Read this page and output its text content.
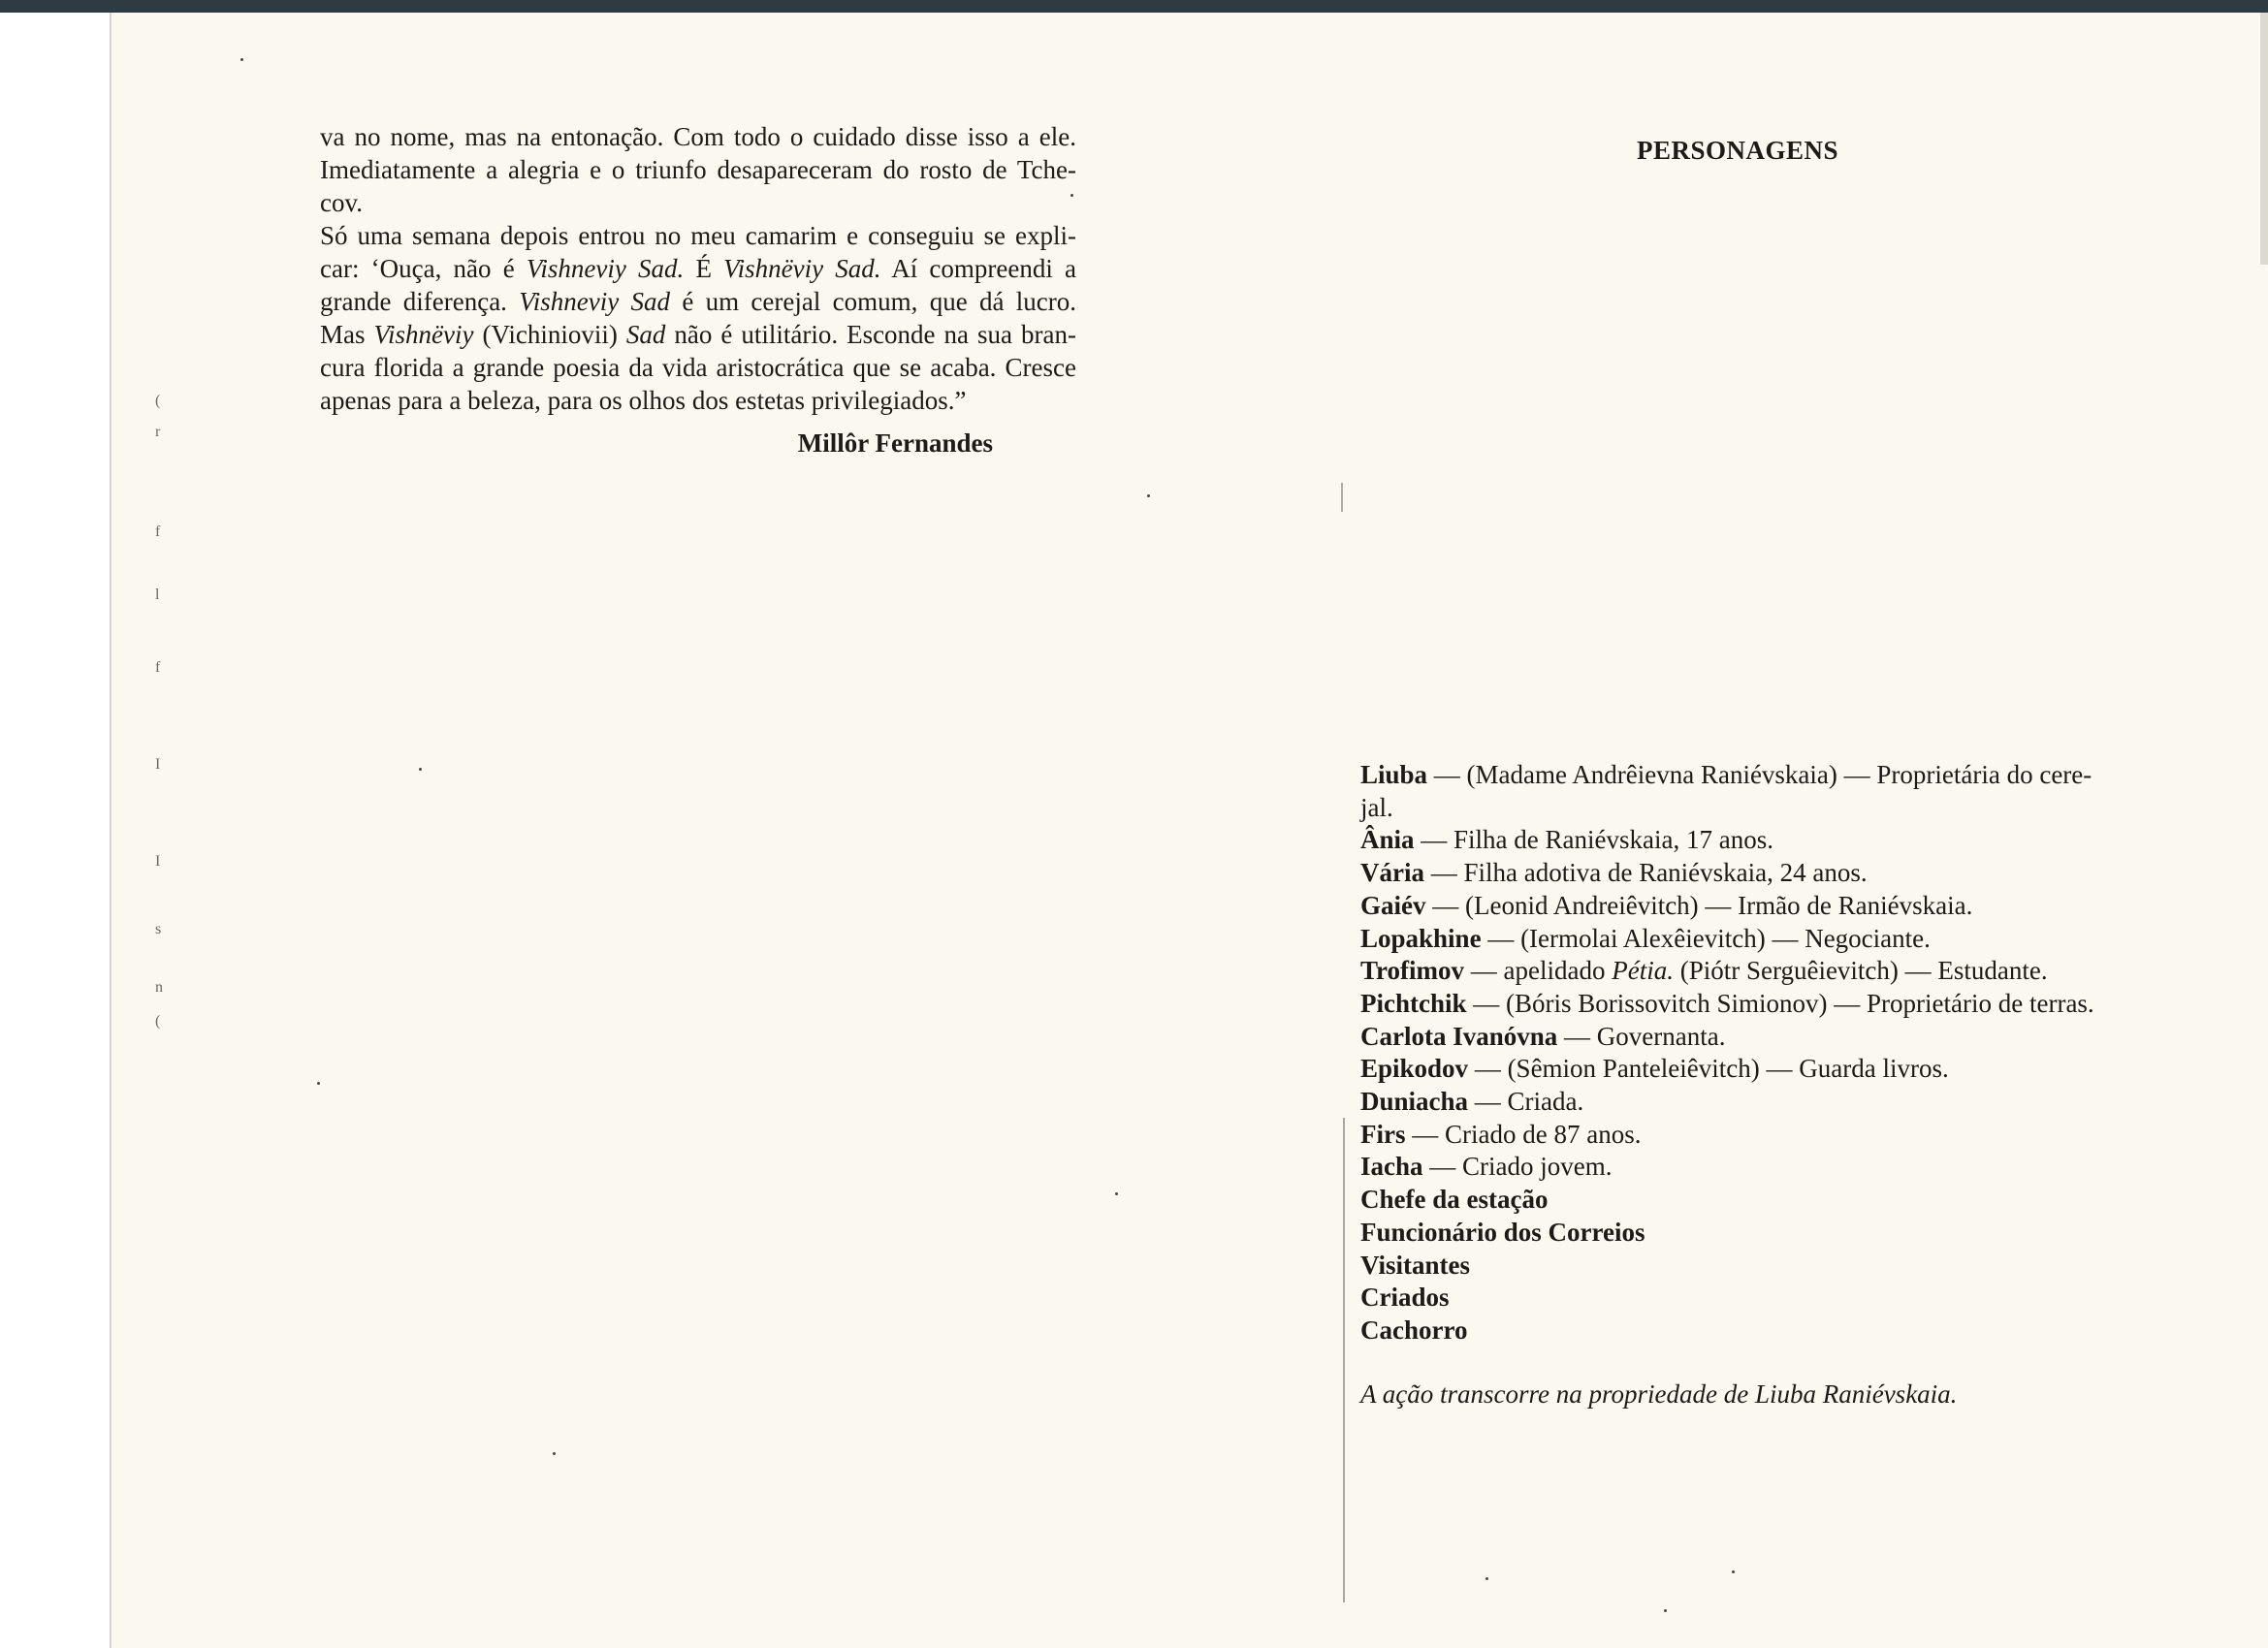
(
r
f
l
f
I
I
s
n
(

va no nome, mas na entonação. Com todo o cuidado disse isso a ele.
Imediatamente a alegria e o triunfo desapareceram do rosto de Tche-
cov.

Só uma semana depois entrou no meu camarim e conseguiu se expli-
car: ‘Ouça, não é Vishneviy Sad. É Vishnëviy Sad. Aí compreendi a
grande diferença. Vishneviy Sad é um cerejal comum, que dá lucro.
Mas Vishnëviy (Vichiniovii) Sad não é utilitário. Esconde na sua bran-
cura florida a grande poesia da vida aristocrática que se acaba. Cresce
apenas para a beleza, para os olhos dos estetas privilegiados.”

Millôr Fernandes
PERSONAGENS
Liuba — (Madame Andrêievna Raniévskaia) — Proprietária do cere-
jal.
Ânia — Filha de Raniévskaia, 17 anos.
Vária — Filha adotiva de Raniévskaia, 24 anos.
Gaiév — (Leonid Andreiêvitch) — Irmão de Raniévskaia.
Lopakhine — (Iermolai Alexêievitch) — Negociante.
Trofimov — apelidado Pétia. (Piótr Serguêievitch) — Estudante.
Pichtchik — (Bóris Borissovitch Simionov) — Proprietário de terras.
Carlota Ivanóvna — Governanta.
Epikodov — (Sêmion Panteleiêvitch) — Guarda livros.
Duniacha — Criada.
Firs — Criado de 87 anos.
Iacha — Criado jovem.
Chefe da estação
Funcionário dos Correios
Visitantes
Criados
Cachorro
A ação transcorre na propriedade de Liuba Raniévskaia.
